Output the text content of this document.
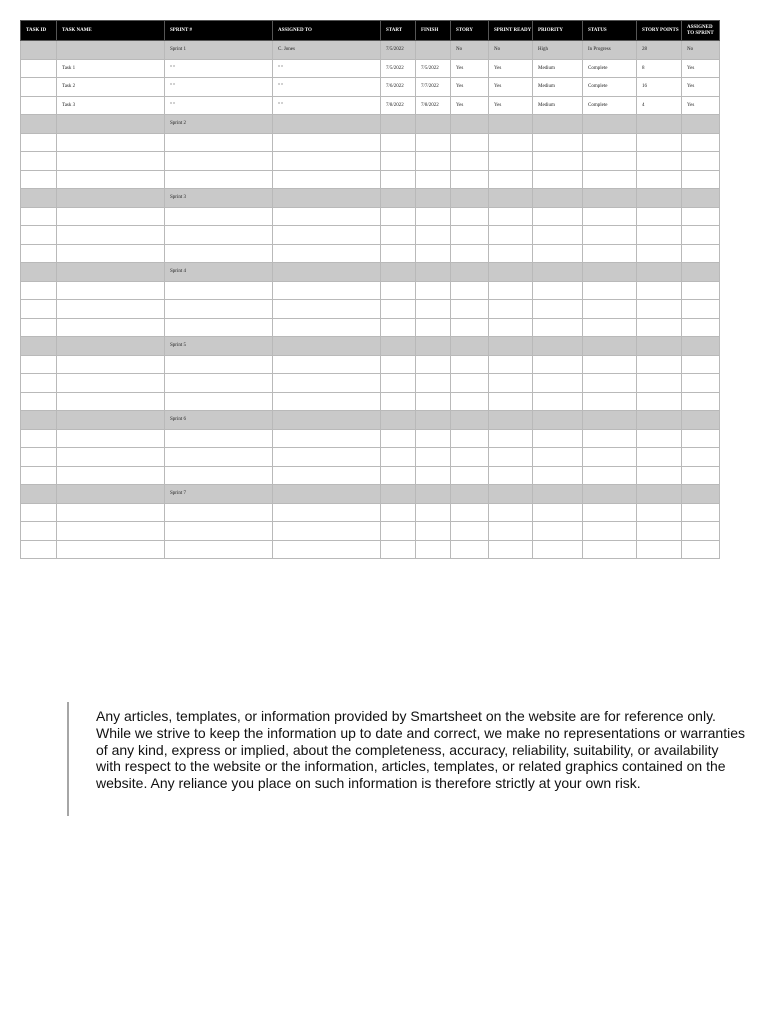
TASK ID	TASK NAME	SPRINT #	ASSIGNED TO	START	FINISH	STORY	SPRINT READY	PRIORITY	STATUS	STORY POINTS	ASSIGNED TO SPRINT
		Sprint 1	C. Jones	7/5/2022		No	No	High	In Progress	28	No
	Task 1	" "	" "	7/5/2022	7/5/2022	Yes	Yes	Medium	Complete	8	Yes
	Task 2	" "	" "	7/6/2022	7/7/2022	Yes	Yes	Medium	Complete	16	Yes
	Task 3	" "	" "	7/8/2022	7/8/2022	Yes	Yes	Medium	Complete	4	Yes
		Sprint 2									

		Sprint 3									

		Sprint 4									

		Sprint 5									

		Sprint 6									

		Sprint 7									

Any articles, templates, or information provided by Smartsheet on the website are for reference only. While we strive to keep the information up to date and correct, we make no representations or warranties of any kind, express or implied, about the completeness, accuracy, reliability, suitability, or availability with respect to the website or the information, articles, templates, or related graphics contained on the website. Any reliance you place on such information is therefore strictly at your own risk.
